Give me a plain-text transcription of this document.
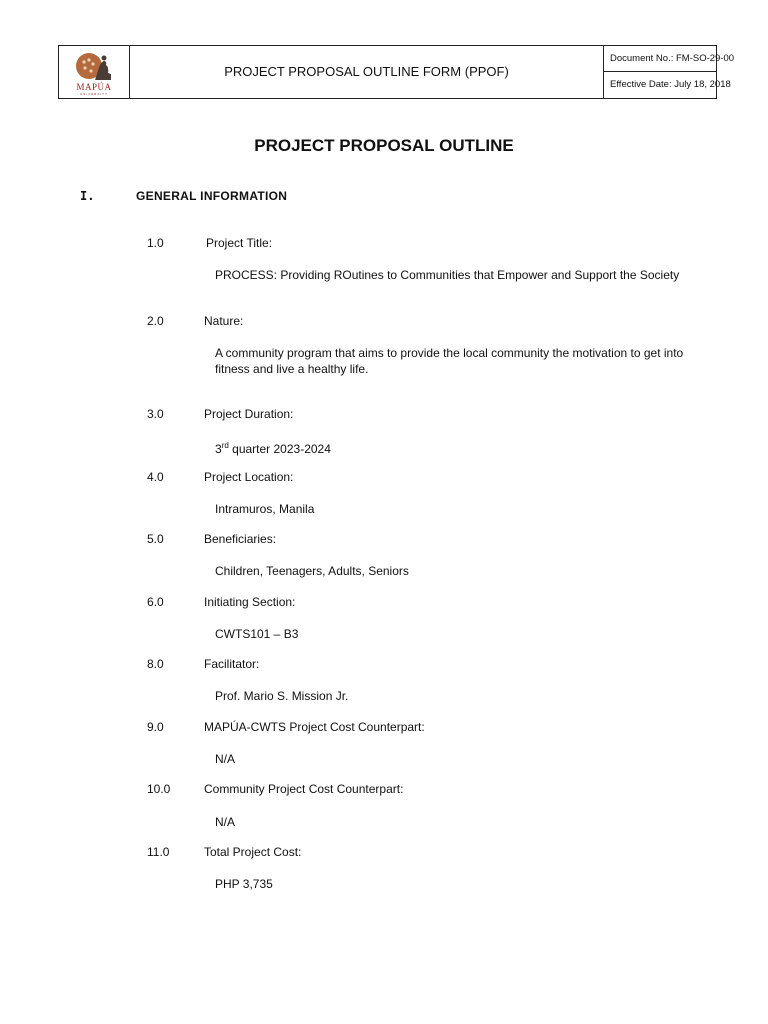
MAPÚA
UNIVERSITY
PROJECT PROPOSAL OUTLINE FORM (PPOF)
Document No.: FM-SO-29-00
Effective Date: July 18, 2018
PROJECT PROPOSAL OUTLINE
I.	GENERAL INFORMATION
1.0	Project Title:
PROCESS: Providing ROutines to Communities that Empower and Support the Society
2.0	Nature:
A community program that aims to provide the local community the motivation to get into fitness and live a healthy life.
3.0	Project Duration:
3rd quarter 2023-2024
4.0	Project Location:
Intramuros, Manila
5.0	Beneficiaries:
Children, Teenagers, Adults, Seniors
6.0	Initiating Section:
CWTS101 – B3
8.0	Facilitator:
Prof. Mario S. Mission Jr.
9.0	MAPÚA-CWTS Project Cost Counterpart:
N/A
10.0	Community Project Cost Counterpart:
N/A
11.0	Total Project Cost:
PHP 3,735
